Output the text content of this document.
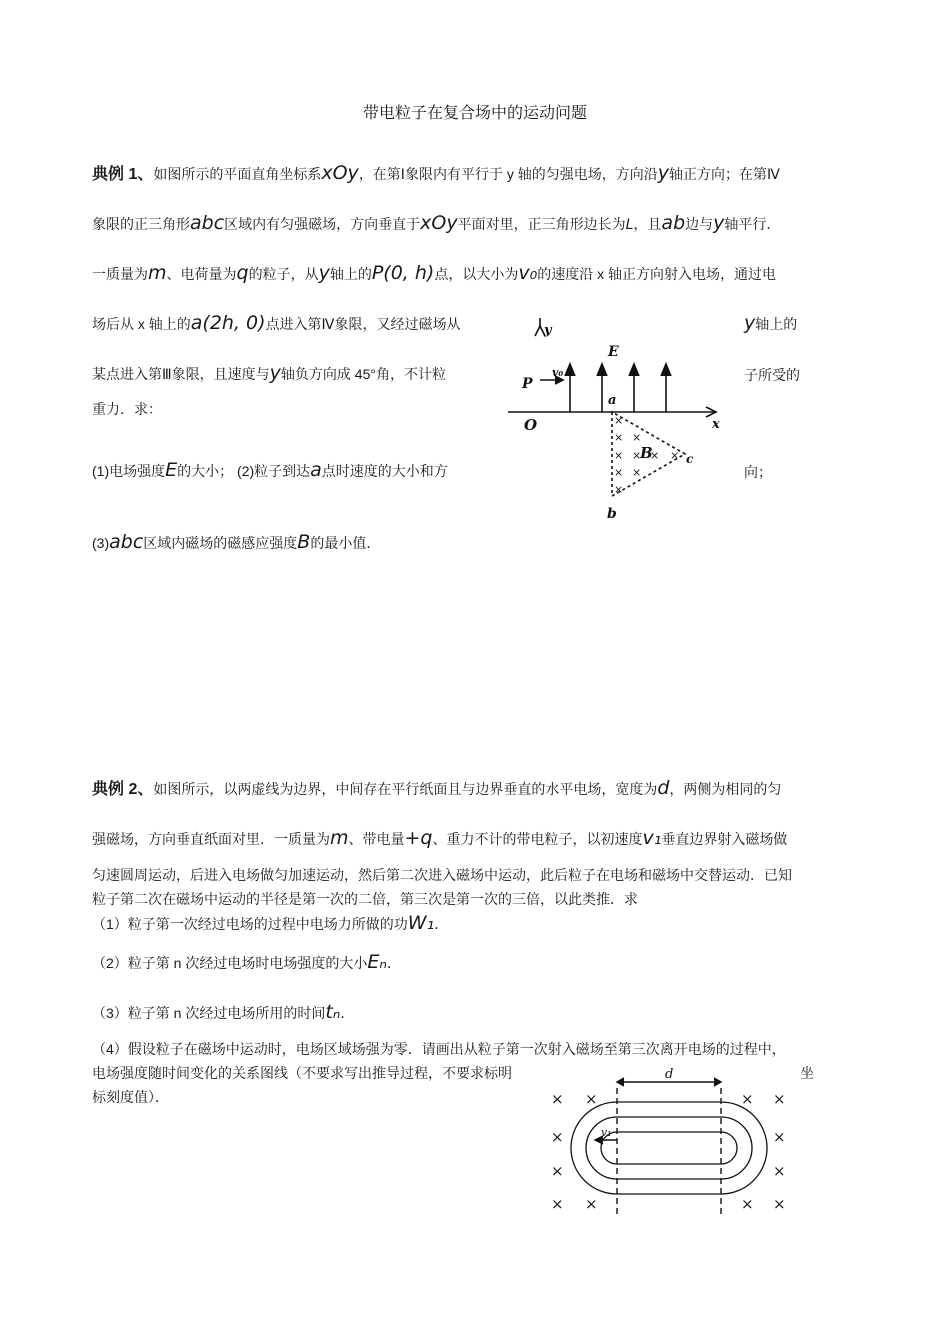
带电粒子在复合场中的运动问题
典例 1、如图所示的平面直角坐标系xOy，在第Ⅰ象限内有平行于 y 轴的匀强电场，方向沿y轴正方向；在第Ⅳ
象限的正三角形abc区域内有匀强磁场，方向垂直于xOy平面对里，正三角形边长为L，且ab边与y轴平行．
一质量为m、电荷量为q的粒子，从y轴上的P(0, h)点，以大小为v₀的速度沿 x 轴正方向射入电场，通过电
场后从 x 轴上的a(2h, 0)点进入第Ⅳ象限，又经过磁场从	y轴上的
某点进入第Ⅲ象限，且速度与y轴负方向成 45°角，不计粒	子所受的
重力．求：
(1)电场强度E的大小； (2)粒子到达a点时速度的大小和方	向；
(3)abc区域内磁场的磁感应强度B的最小值．
×
× ×
× × × ×
× ×
×
y
E
v₀
P
O
a
x
B	c
b
典例 2、如图所示，以两虚线为边界，中间存在平行纸面且与边界垂直的水平电场，宽度为d，两侧为相同的匀
强磁场，方向垂直纸面对里．一质量为m、带电量+q、重力不计的带电粒子，以初速度v₁垂直边界射入磁场做
匀速圆周运动，后进入电场做匀加速运动，然后第二次进入磁场中运动，此后粒子在电场和磁场中交替运动．已知
粒子第二次在磁场中运动的半径是第一次的二倍，第三次是第一次的三倍，以此类推．求
（1）粒子第一次经过电场的过程中电场力所做的功W₁．
（2）粒子第 n 次经过电场时电场强度的大小Eₙ．
（3）粒子第 n 次经过电场所用的时间tₙ．
（4）假设粒子在磁场中运动时，电场区域场强为零．请画出从粒子第一次射入磁场至第三次离开电场的过程中，
电场强度随时间变化的关系图线（不要求写出推导过程，不要求标明	坐
标刻度值）．	×
×
×
×
×
×
×
×
×
×
×
×
d
v₁
